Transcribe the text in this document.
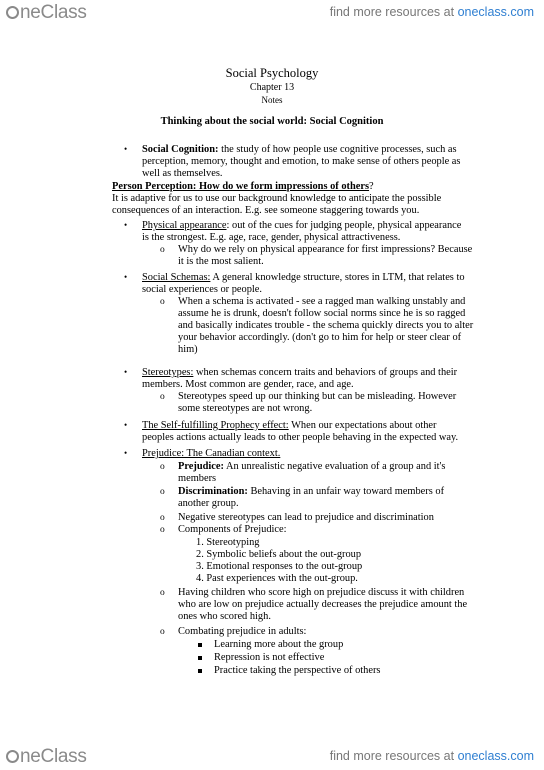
neClass	find more resources at oneclass.com
neClass	find more resources at oneclass.com
Social Psychology
Chapter 13
Notes
Thinking about the social world: Social Cognition
• Social Cognition: the study of how people use cognitive processes, such as
perception, memory, thought and emotion, to make sense of others people as
well as themselves.
Person Perception: How do we form impressions of others?
It is adaptive for us to use our background knowledge to anticipate the possible
consequences of an interaction. E.g. see someone staggering towards you.
• Physical appearance: out of the cues for judging people, physical appearance
is the strongest. E.g. age, race, gender, physical attractiveness.
o Why do we rely on physical appearance for first impressions? Because
it is the most salient.
• Social Schemas: A general knowledge structure, stores in LTM, that relates to
social experiences or people.
o When a schema is activated - see a ragged man walking unstably and
assume he is drunk, doesn't follow social norms since he is so ragged
and basically indicates trouble - the schema quickly directs you to alter
your behavior accordingly. (don't go to him for help or steer clear of
him)
• Stereotypes: when schemas concern traits and behaviors of groups and their
members. Most common are gender, race, and age.
o Stereotypes speed up our thinking but can be misleading. However
some stereotypes are not wrong.
• The Self-fulfilling Prophecy effect: When our expectations about other
peoples actions actually leads to other people behaving in the expected way.
• Prejudice: The Canadian context.
o Prejudice: An unrealistic negative evaluation of a group and it's
members
o Discrimination: Behaving in an unfair way toward members of
another group.
o Negative stereotypes can lead to prejudice and discrimination
o Components of Prejudice:
1. Stereotyping
2. Symbolic beliefs about the out-group
3. Emotional responses to the out-group
4. Past experiences with the out-group.
o Having children who score high on prejudice discuss it with children
who are low on prejudice actually decreases the prejudice amount the
ones who scored high.
o Combating prejudice in adults:
Learning more about the group
Repression is not effective
Practice taking the perspective of others
